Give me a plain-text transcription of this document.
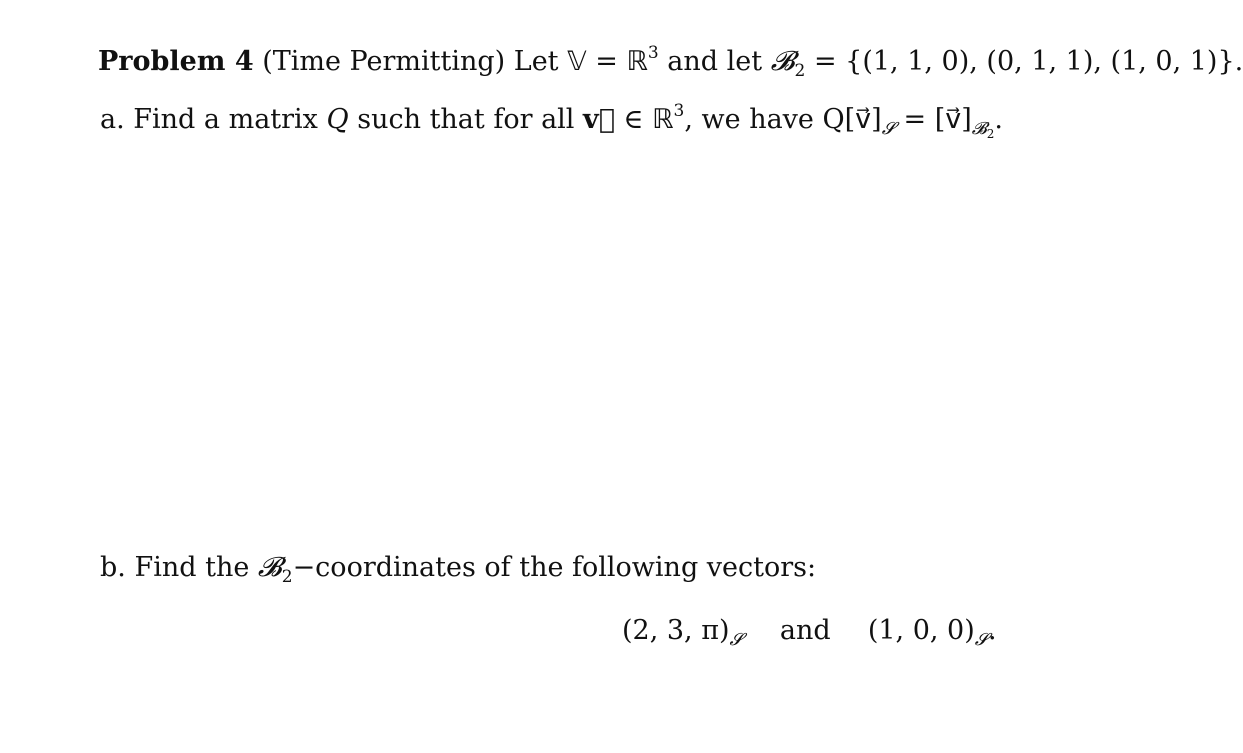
Problem 4 (Time Permitting) Let 𝕍 = ℝ$^3$ and let 𝓑$_2$ = {(1, 1, 0), (0, 1, 1), (1, 0, 1)}.
a. Find a matrix Q such that for all v⃗ ∈ ℝ$^3$, we have $Q[v⃗]_𝓢$ = $[v⃗]_{𝓑_2}$.
b. Find the 𝓑$_2$−coordinates of the following vectors:
(2, 3, $\pi)_𝓢$ and (1, 0, $0)_𝓢$.
